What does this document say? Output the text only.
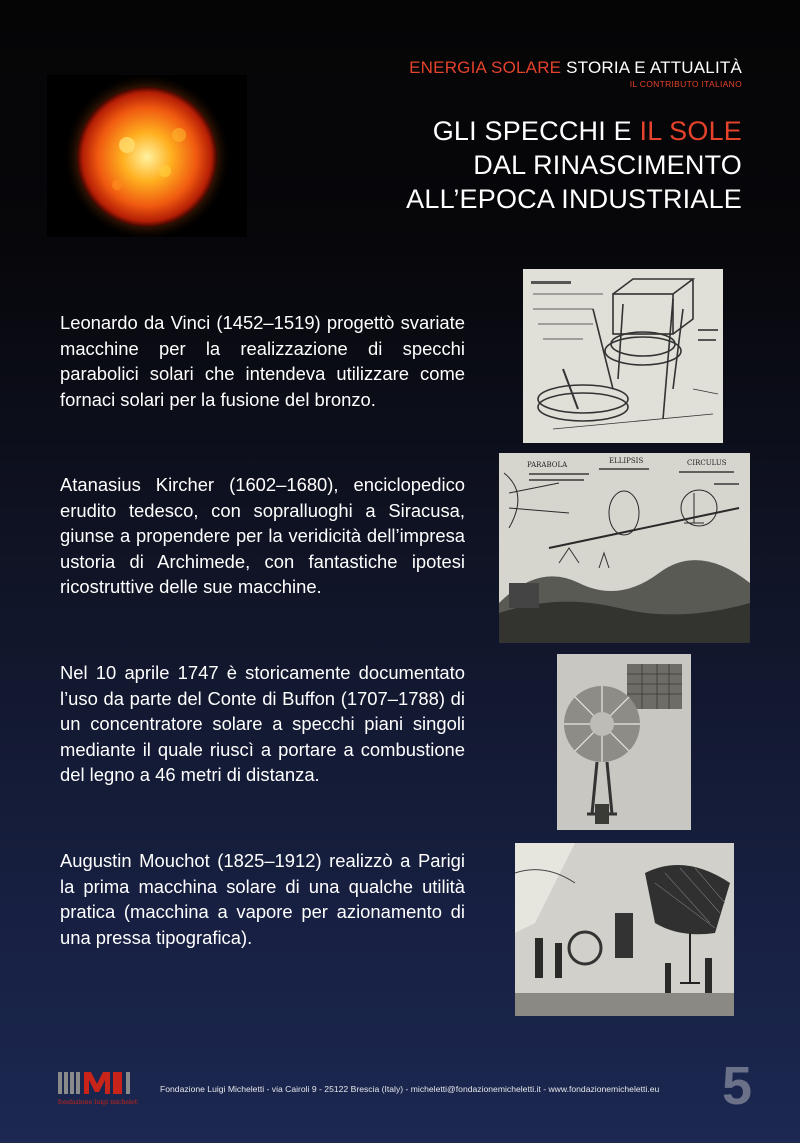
ENERGIA SOLARE STORIA E ATTUALITÀ
IL CONTRIBUTO ITALIANO
GLI SPECCHI E IL SOLE
DAL RINASCIMENTO
ALL’EPOCA INDUSTRIALE
Leonardo da Vinci (1452–1519) progettò svariate macchine per la realizzazione di specchi parabolici solari che intendeva utilizzare come fornaci solari per la fusione del bronzo.
Atanasius Kircher (1602–1680), enciclopedico erudito tedesco, con sopralluoghi a Siracusa, giunse a propendere per la veridicità dell’impresa ustoria di Archimede, con fantastiche ipotesi ricostruttive delle sue macchine.
Nel 10 aprile 1747 è storicamente documentato l’uso da parte del Conte di Buffon (1707–1788) di un concentratore solare a specchi piani singoli mediante il quale riuscì a portare a combustione del legno a 46 metri di distanza.
Augustin Mouchot (1825–1912) realizzò a Parigi la prima macchina solare di una qualche utilità pratica (macchina a vapore per azionamento di una pressa tipografica).
PARABOLA	ELLIPSIS	CIRCULUS
fondazione luigi micheletti
Fondazione Luigi Micheletti - via Cairoli 9 - 25122 Brescia (Italy) - micheletti@fondazionemicheletti.it - www.fondazionemicheletti.eu 5
